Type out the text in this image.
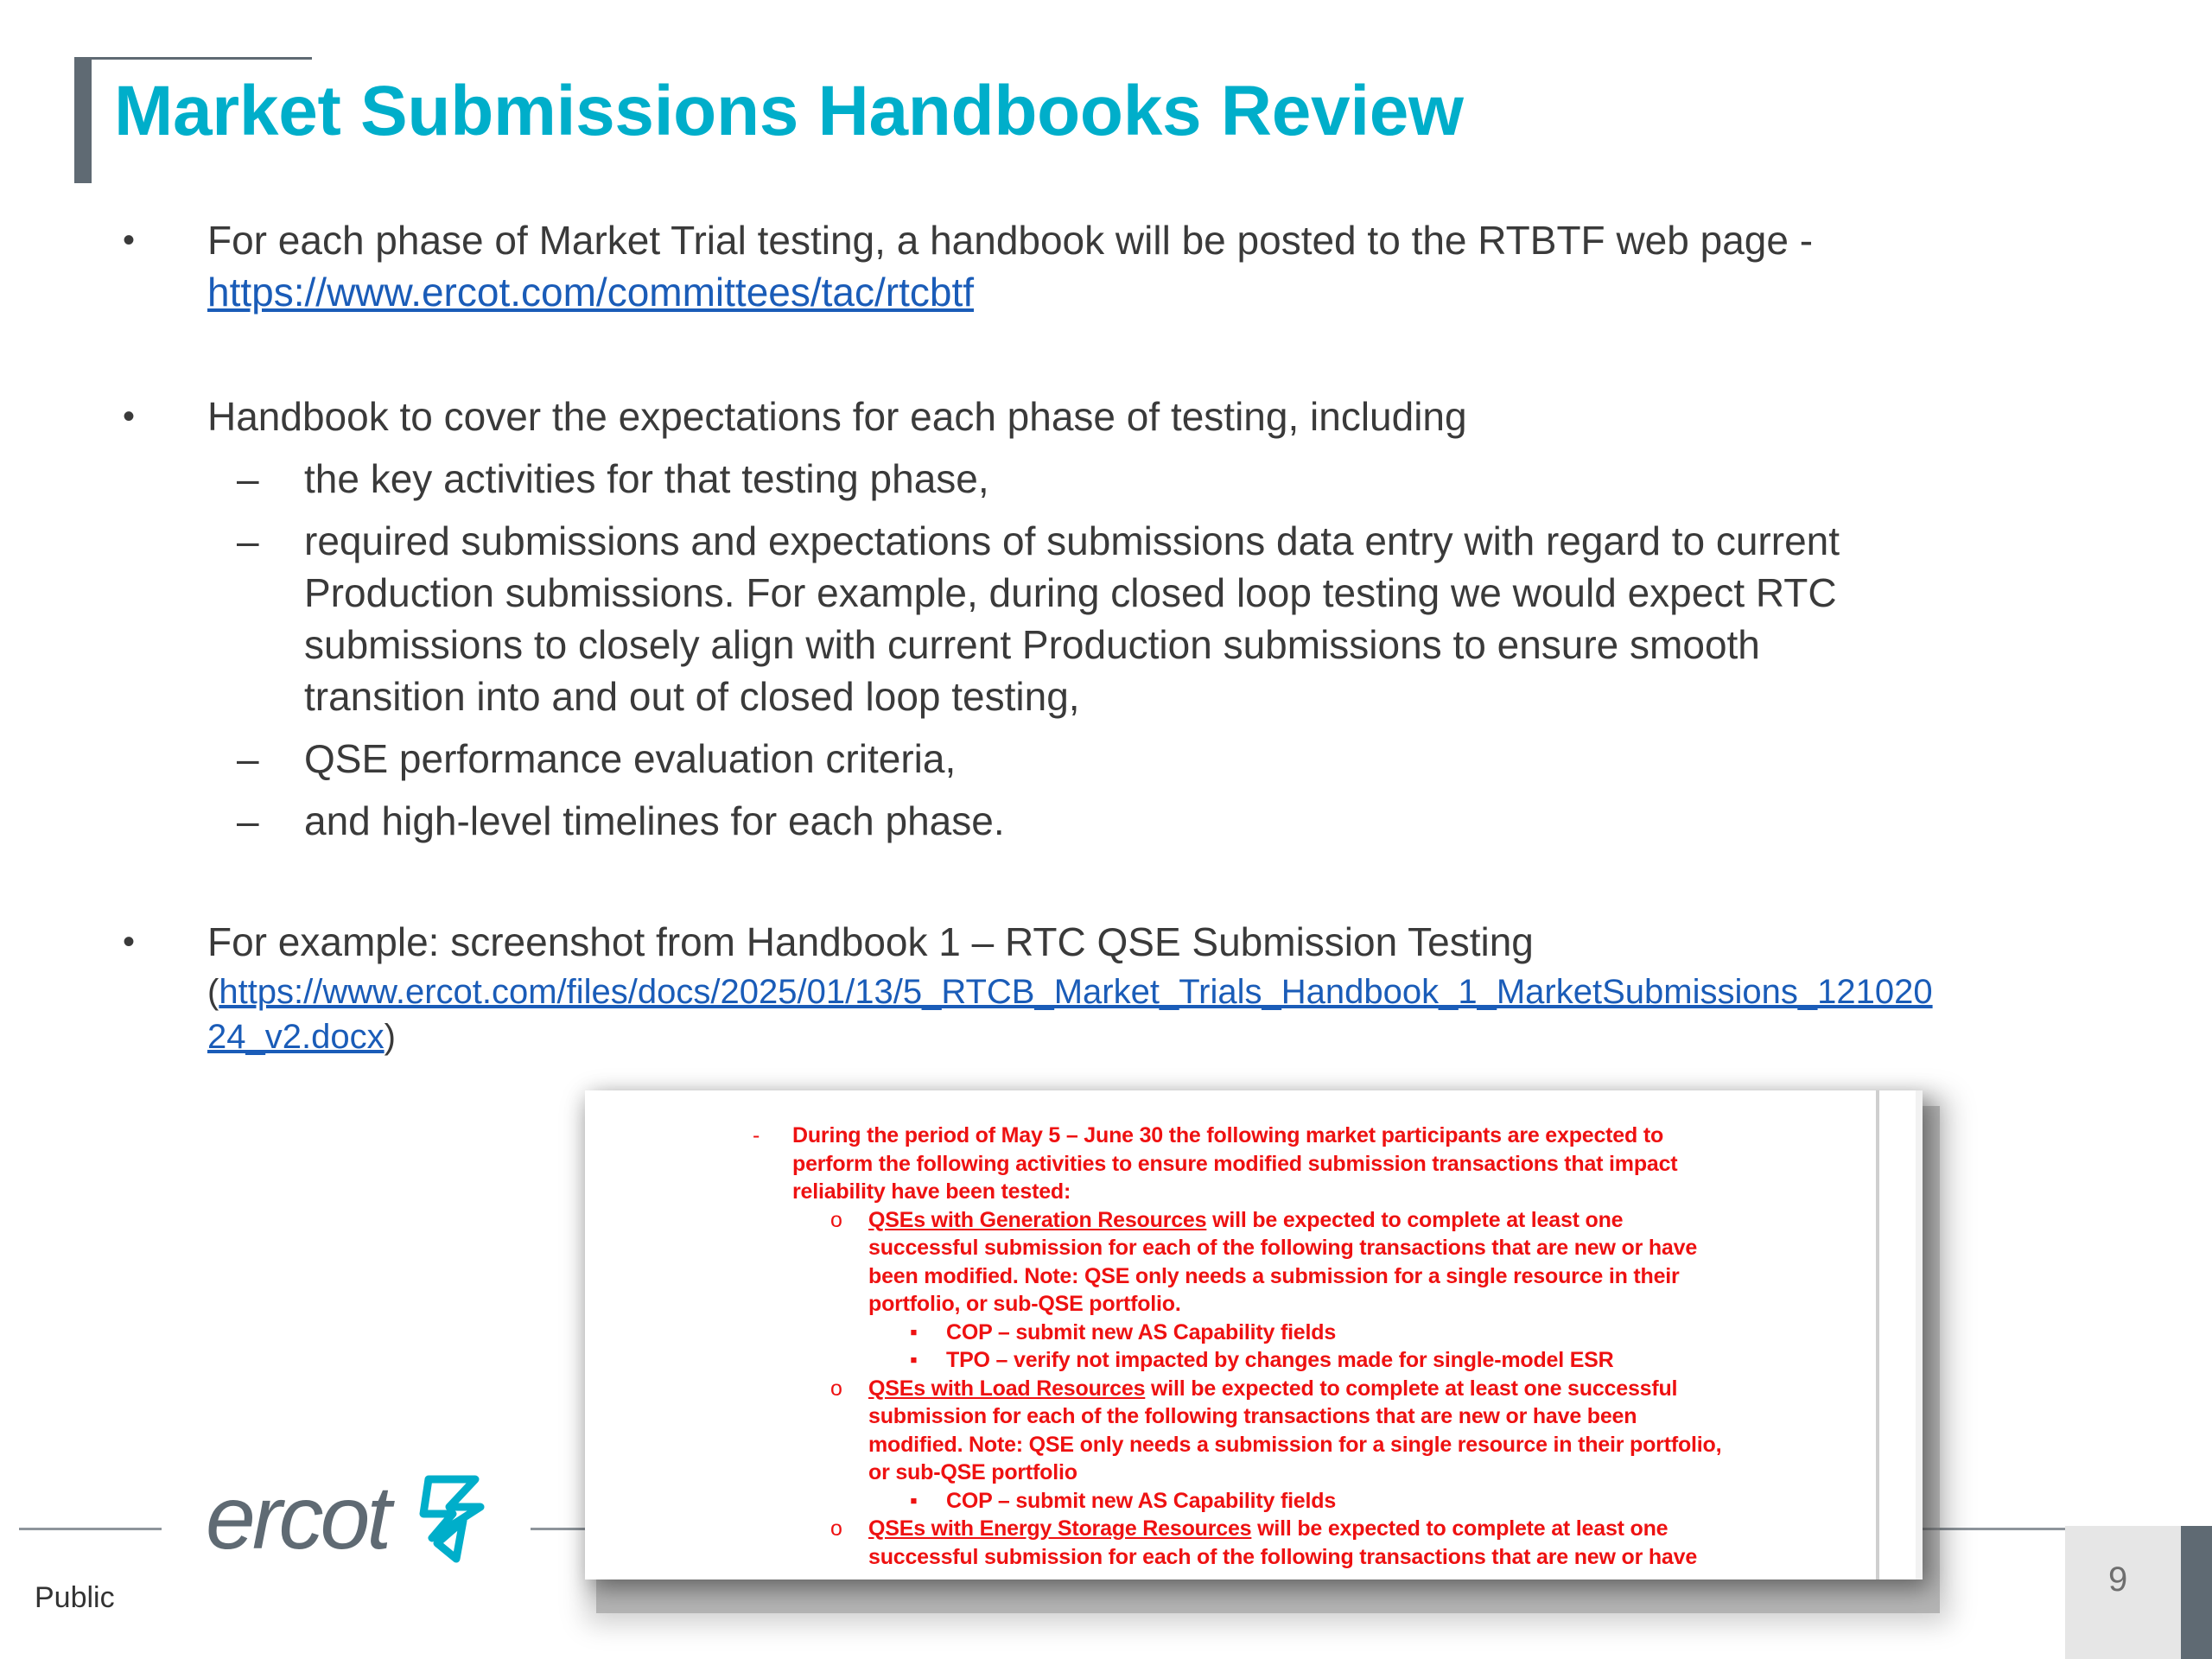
Market Submissions Handbooks Review
• For each phase of Market Trial testing, a handbook will be posted to the RTBTF web page -
https://www.ercot.com/committees/tac/rtcbtf
• Handbook to cover the expectations for each phase of testing, including
– the key activities for that testing phase,
– required submissions and expectations of submissions data entry with regard to current
Production submissions. For example, during closed loop testing we would expect RTC
submissions to closely align with current Production submissions to ensure smooth
transition into and out of closed loop testing,
– QSE performance evaluation criteria,
– and high-level timelines for each phase.
• For example: screenshot from Handbook 1 – RTC QSE Submission Testing
(https://www.ercot.com/files/docs/2025/01/13/5_RTCB_Market_Trials_Handbook_1_MarketSubmissions_121020
24_v2.docx)
ercot
Public	9
- During the period of May 5 – June 30 the following market participants are expected to
perform the following activities to ensure modified submission transactions that impact
reliability have been tested:
o QSEs with Generation Resources will be expected to complete at least one
successful submission for each of the following transactions that are new or have
been modified. Note: QSE only needs a submission for a single resource in their
portfolio, or sub-QSE portfolio.
▪ COP – submit new AS Capability fields
▪ TPO – verify not impacted by changes made for single-model ESR
o QSEs with Load Resources will be expected to complete at least one successful
submission for each of the following transactions that are new or have been
modified. Note: QSE only needs a submission for a single resource in their portfolio,
or sub-QSE portfolio
▪ COP – submit new AS Capability fields
o QSEs with Energy Storage Resources will be expected to complete at least one
successful submission for each of the following transactions that are new or have
